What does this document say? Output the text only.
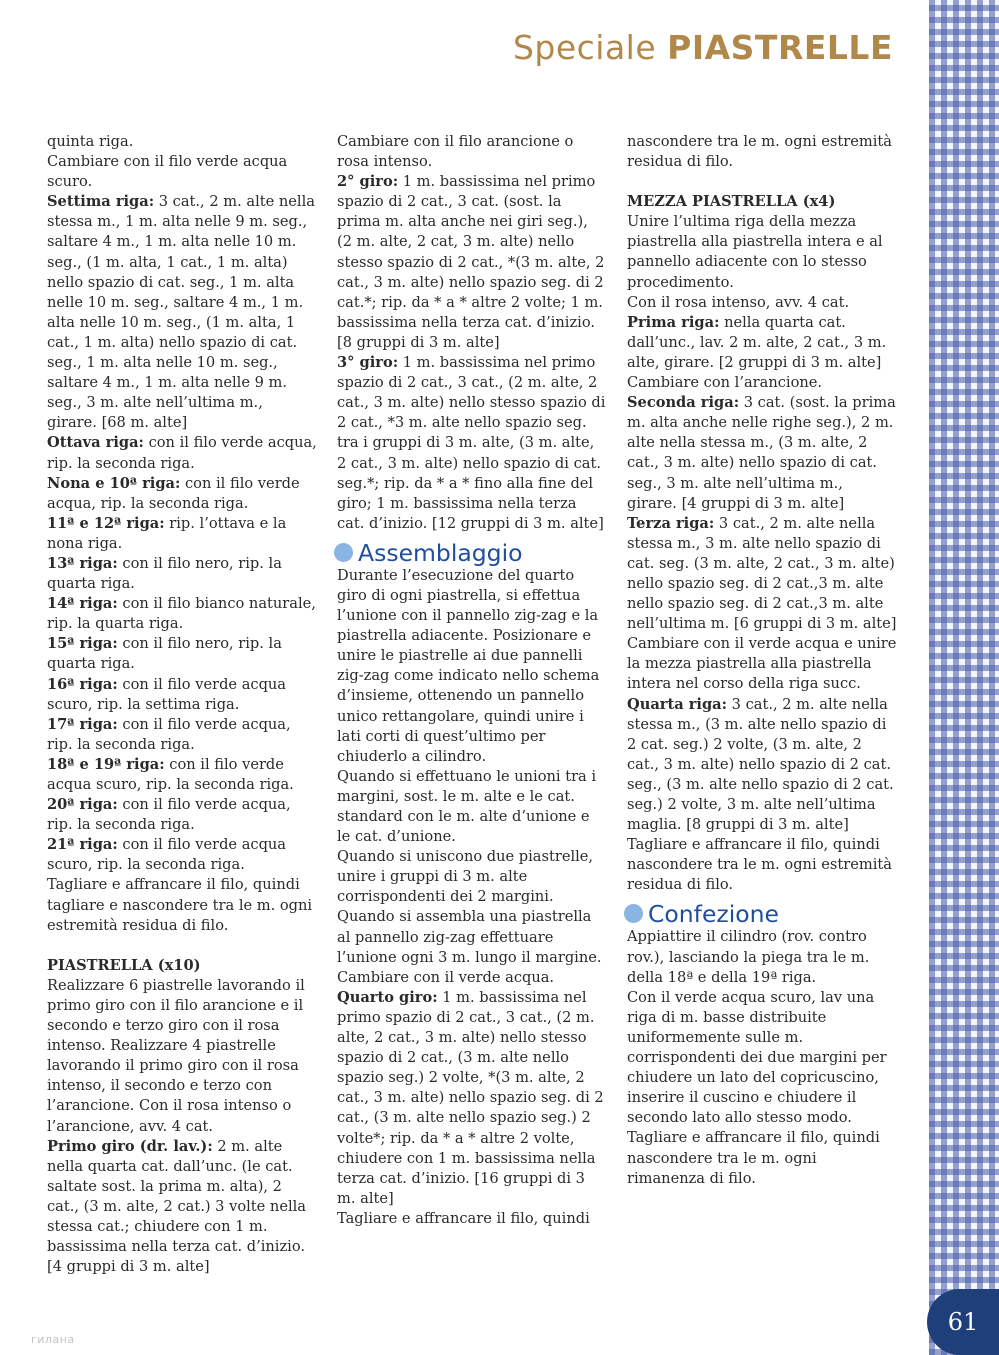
Speciale PIASTRELLE

quinta riga.

Cambiare con il filo verde acqua scuro.

Settima riga: 3 cat., 2 m. alte nella stessa m., 1 m. alta nelle 9 m. seg., saltare 4 m., 1 m. alta nelle 10 m. seg., (1 m. alta, 1 cat., 1 m. alta) nello spazio di cat. seg., 1 m. alta nelle 10 m. seg., saltare 4 m., 1 m. alta nelle 10 m. seg., (1 m. alta, 1 cat., 1 m. alta) nello spazio di cat. seg., 1 m. alta nelle 10 m. seg., saltare 4 m., 1 m. alta nelle 9 m. seg., 3 m. alte nell’ultima m., girare. [68 m. alte]

Ottava riga: con il filo verde acqua, rip. la seconda riga.

Nona e 10ª riga: con il filo verde acqua, rip. la seconda riga.

11ª e 12ª riga: rip. l’ottava e la nona riga.

13ª riga: con il filo nero, rip. la quarta riga.

14ª riga: con il filo bianco naturale, rip. la quarta riga.

15ª riga: con il filo nero, rip. la quarta riga.

16ª riga: con il filo verde acqua scuro, rip. la settima riga.

17ª riga: con il filo verde acqua, rip. la seconda riga.

18ª e 19ª riga: con il filo verde acqua scuro, rip. la seconda riga.

20ª riga: con il filo verde acqua, rip. la seconda riga.

21ª riga: con il filo verde acqua scuro, rip. la seconda riga.

Tagliare e affrancare il filo, quindi tagliare e nascondere tra le m. ogni estremità residua di filo.

PIASTRELLA (x10)

Realizzare 6 piastrelle lavorando il primo giro con il filo arancione e il secondo e terzo giro con il rosa intenso. Realizzare 4 piastrelle lavorando il primo giro con il rosa intenso, il secondo e terzo con l’arancione. Con il rosa intenso o l’arancione, avv. 4 cat.

Primo giro (dr. lav.): 2 m. alte nella quarta cat. dall’unc. (le cat. saltate sost. la prima m. alta), 2 cat., (3 m. alte, 2 cat.) 3 volte nella stessa cat.; chiudere con 1 m. bassissima nella terza cat. d’inizio. [4 gruppi di 3 m. alte]

Cambiare con il filo arancione o rosa intenso.

2° giro: 1 m. bassissima nel primo spazio di 2 cat., 3 cat. (sost. la prima m. alta anche nei giri seg.), (2 m. alte, 2 cat, 3 m. alte) nello stesso spazio di 2 cat., *(3 m. alte, 2 cat., 3 m. alte) nello spazio seg. di 2 cat.*; rip. da * a * altre 2 volte; 1 m. bassissima nella terza cat. d’inizio. [8 gruppi di 3 m. alte]

3° giro: 1 m. bassissima nel primo spazio di 2 cat., 3 cat., (2 m. alte, 2 cat., 3 m. alte) nello stesso spazio di 2 cat., *3 m. alte nello spazio seg. tra i gruppi di 3 m. alte, (3 m. alte, 2 cat., 3 m. alte) nello spazio di cat. seg.*; rip. da * a * fino alla fine del giro; 1 m. bassissima nella terza cat. d’inizio. [12 gruppi di 3 m. alte]

Assemblaggio

Durante l’esecuzione del quarto giro di ogni piastrella, si effettua l’unione con il pannello zig-zag e la piastrella adiacente. Posizionare e unire le piastrelle ai due pannelli zig-zag come indicato nello schema d’insieme, ottenendo un pannello unico rettangolare, quindi unire i lati corti di quest’ultimo per chiuderlo a cilindro.

Quando si effettuano le unioni tra i margini, sost. le m. alte e le cat. standard con le m. alte d’unione e le cat. d’unione.

Quando si uniscono due piastrelle, unire i gruppi di 3 m. alte corrispondenti dei 2 margini.

Quando si assembla una piastrella al pannello zig-zag effettuare l’unione ogni 3 m. lungo il margine. Cambiare con il verde acqua.

Quarto giro: 1 m. bassissima nel primo spazio di 2 cat., 3 cat., (2 m. alte, 2 cat., 3 m. alte) nello stesso spazio di 2 cat., (3 m. alte nello spazio seg.) 2 volte, *(3 m. alte, 2 cat., 3 m. alte) nello spazio seg. di 2 cat., (3 m. alte nello spazio seg.) 2 volte*; rip. da * a * altre 2 volte, chiudere con 1 m. bassissima nella terza cat. d’inizio. [16 gruppi di 3 m. alte]

Tagliare e affrancare il filo, quindi

nascondere tra le m. ogni estremità residua di filo.

MEZZA PIASTRELLA (x4)

Unire l’ultima riga della mezza piastrella alla piastrella intera e al pannello adiacente con lo stesso procedimento.

Con il rosa intenso, avv. 4 cat.

Prima riga: nella quarta cat. dall’unc., lav. 2 m. alte, 2 cat., 3 m. alte, girare. [2 gruppi di 3 m. alte]

Cambiare con l’arancione.

Seconda riga: 3 cat. (sost. la prima m. alta anche nelle righe seg.), 2 m. alte nella stessa m., (3 m. alte, 2 cat., 3 m. alte) nello spazio di cat. seg., 3 m. alte nell’ultima m., girare. [4 gruppi di 3 m. alte]

Terza riga: 3 cat., 2 m. alte nella stessa m., 3 m. alte nello spazio di cat. seg. (3 m. alte, 2 cat., 3 m. alte) nello spazio seg. di 2 cat.,3 m. alte nello spazio seg. di 2 cat.,3 m. alte nell’ultima m. [6 gruppi di 3 m. alte]

Cambiare con il verde acqua e unire la mezza piastrella alla piastrella intera nel corso della riga succ.

Quarta riga: 3 cat., 2 m. alte nella stessa m., (3 m. alte nello spazio di 2 cat. seg.) 2 volte, (3 m. alte, 2 cat., 3 m. alte) nello spazio di 2 cat. seg., (3 m. alte nello spazio di 2 cat. seg.) 2 volte, 3 m. alte nell’ultima maglia. [8 gruppi di 3 m. alte]

Tagliare e affrancare il filo, quindi nascondere tra le m. ogni estremità residua di filo.

Confezione

Appiattire il cilindro (rov. contro rov.), lasciando la piega tra le m. della 18ª e della 19ª riga.

Con il verde acqua scuro, lav una riga di m. basse distribuite uniformemente sulle m. corrispondenti dei due margini per chiudere un lato del copricuscino, inserire il cuscino e chiudere il secondo lato allo stesso modo.

Tagliare e affrancare il filo, quindi nascondere tra le m. ogni rimanenza di filo.

61
гилана
